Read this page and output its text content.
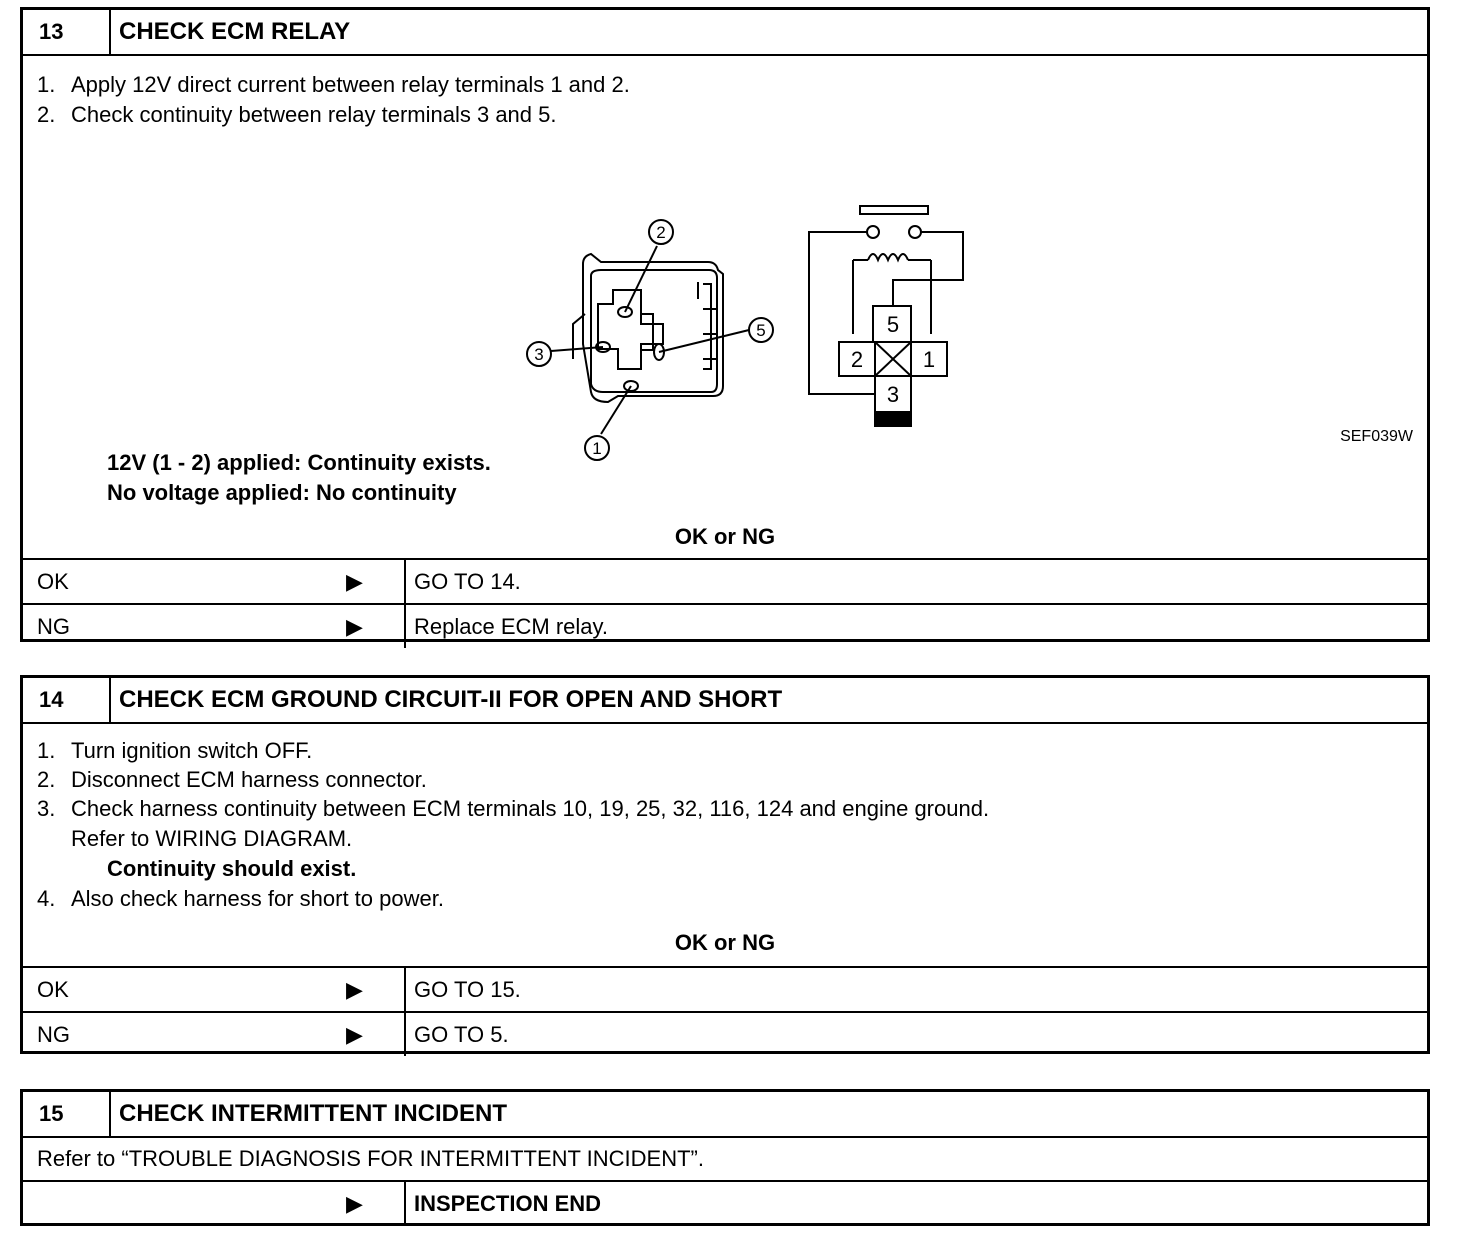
13	CHECK ECM RELAY
1. Apply 12V direct current between relay terminals 1 and 2.
2. Check continuity between relay terminals 3 and 5.
2
3
5
1
5
2	1
3
SEF039W
12V (1 - 2) applied: Continuity exists.
No voltage applied: No continuity
OK or NG
OK	▶	GO TO 14.
NG	▶	Replace ECM relay.
14	CHECK ECM GROUND CIRCUIT-II FOR OPEN AND SHORT
1. Turn ignition switch OFF.
2. Disconnect ECM harness connector.
3. Check harness continuity between ECM terminals 10, 19, 25, 32, 116, 124 and engine ground.
Refer to WIRING DIAGRAM.
Continuity should exist.
4. Also check harness for short to power.
OK or NG
OK	▶	GO TO 15.
NG	▶	GO TO 5.
15	CHECK INTERMITTENT INCIDENT
Refer to “TROUBLE DIAGNOSIS FOR INTERMITTENT INCIDENT”.
▶	INSPECTION END
